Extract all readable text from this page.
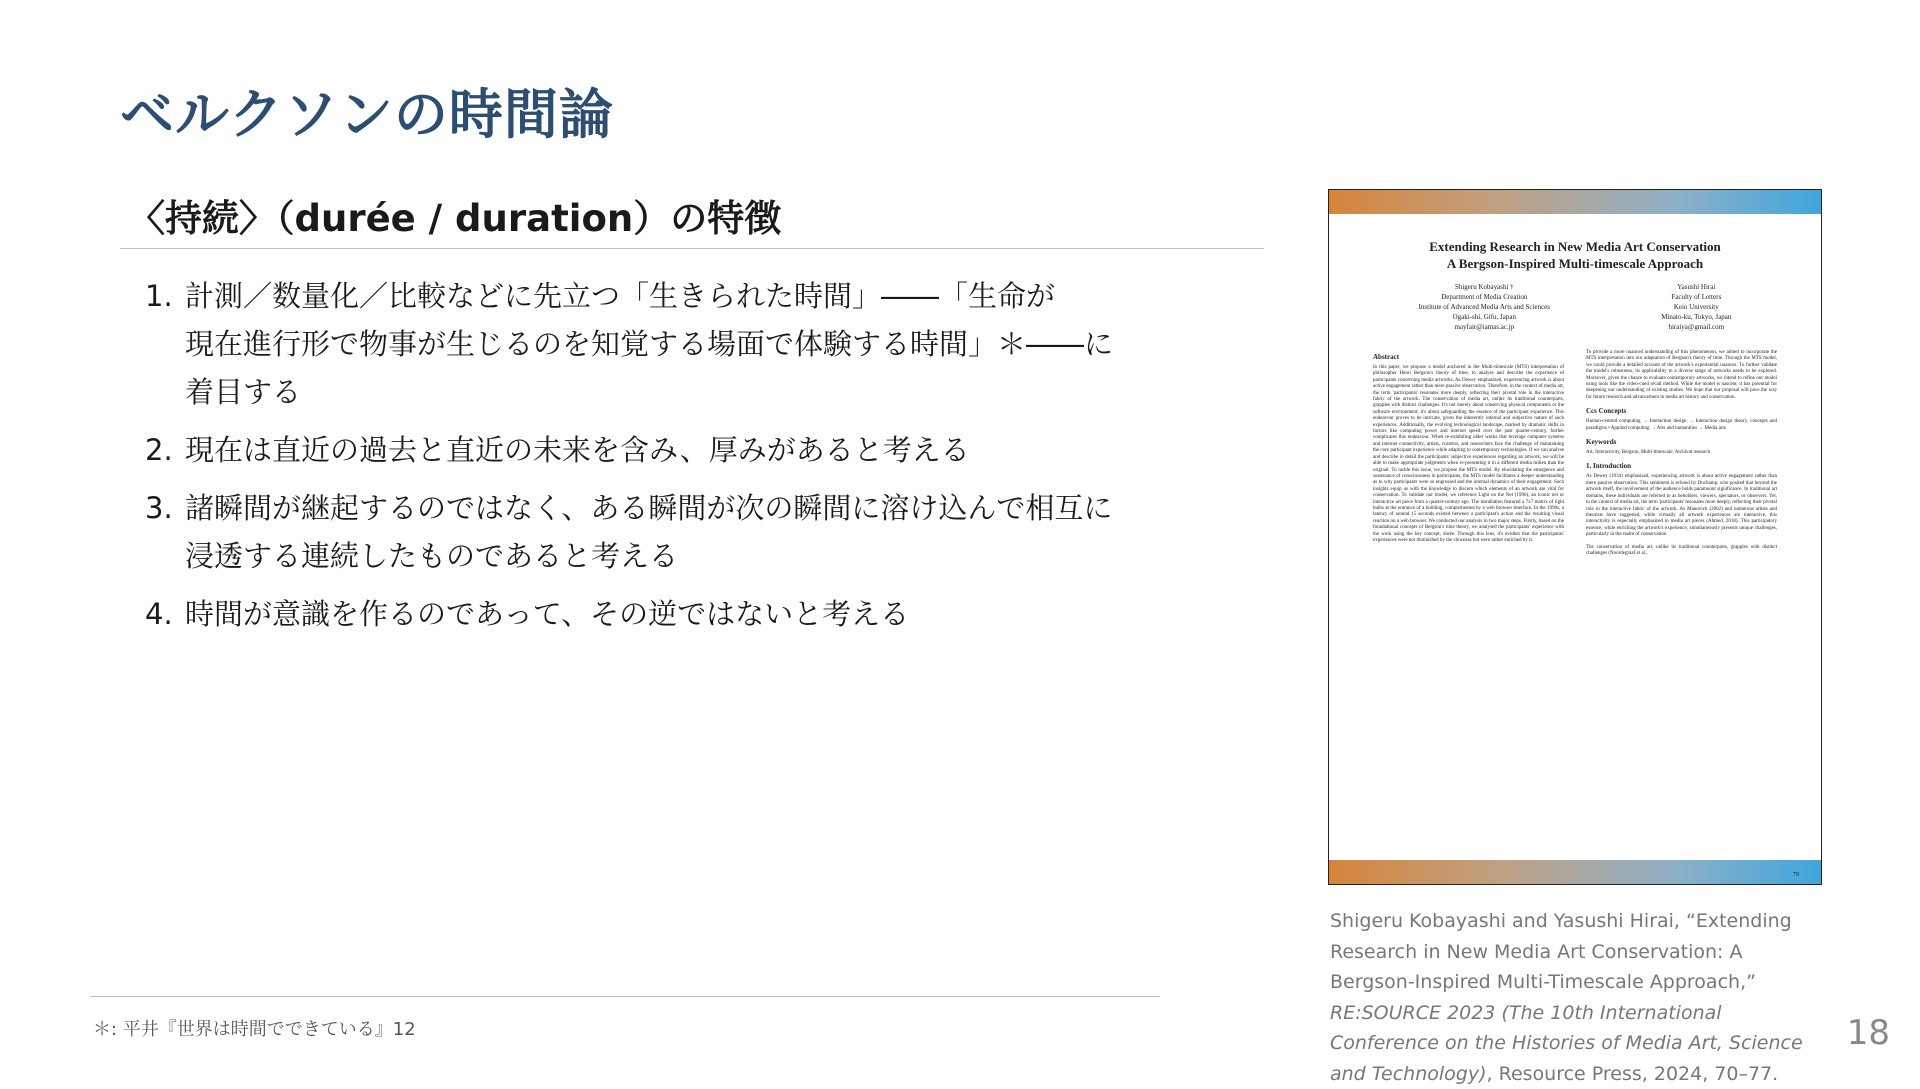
ベルクソンの時間論
〈持続〉（durée / duration）の特徴
1. 計測／数量化／比較などに先立つ「生きられた時間」――「生命が
現在進行形で物事が生じるのを知覚する場面で体験する時間」＊――に
着目する
2. 現在は直近の過去と直近の未来を含み、厚みがあると考える
3. 諸瞬間が継起するのではなく、ある瞬間が次の瞬間に溶け込んで相互に
浸透する連続したものであると考える
4. 時間が意識を作るのであって、その逆ではないと考える
＊: 平井『世界は時間でできている』12
Extending Research in New Media Art Conservation
A Bergson-Inspired Multi-timescale Approach
Shigeru Kobayashi †
Department of Media Creation
Institute of Advanced Media Arts and Sciences
Ogaki-shi, Gifu, Japan
mayfair@iamas.ac.jp
Yasushi Hirai
Faculty of Letters
Keio University
Minato-ku, Tokyo, Japan
hiraiya@gmail.com
Abstract

In this paper, we propose a model anchored in the Multi-timescale (MTS) interpretation of philosopher Henri Bergson's theory of time, to analyse and describe the experience of participants concerning media artworks. As Dewey emphasized, experiencing artwork is about active engagement rather than mere passive observation. Therefore, in the context of media art, the term 'participants' resonates more deeply, reflecting their pivotal role in the interactive fabric of the artwork. The conservation of media art, unlike its traditional counterparts, grapples with distinct challenges. It's not merely about conserving physical components or the software environment; it's about safeguarding the essence of the participant experience. This endeavour proves to be intricate, given the inherently internal and subjective nature of such experiences. Additionally, the evolving technological landscape, marked by dramatic shifts in factors like computing power and internet speed over the past quarter-century, further complicates this endeavour. When re-exhibiting older works that leverage computer systems and internet connectivity, artists, curators, and researchers face the challenge of maintaining the core participant experience while adapting to contemporary technologies. If we can analyse and describe in detail the participants' subjective experiences regarding an artwork, we will be able to make appropriate judgments when re-presenting it in a different media milieu than the original. To tackle this issue, we propose the MTS model. By elucidating the emergence and sustenance of consciousness in participants, the MTS model facilitates a deeper understanding as to why participants were so engrossed and the internal dynamics of their engagement. Such insights equip us with the knowledge to discern which elements of an artwork are vital for conservation. To validate our model, we reference Light on the Net (1996), an iconic net or interactive art piece from a quarter-century ago. The installation featured a 7x7 matrix of light bulbs at the entrance of a building, complemented by a web browser interface. In the 1990s, a latency of around 15 seconds existed between a participant's action and the resulting visual reaction on a web browser. We conducted our analysis in two major steps. Firstly, based on the foundational concepts of Bergson's time theory, we analysed the participants' experience with the work using the key concept, durée. Through this lens, it's evident that the participants' experiences were not diminished by the slowness but were rather enriched by it.

To provide a more nuanced understanding of this phenomenon, we aimed to incorporate the MTS interpretation into our adaptation of Bergson's theory of time. Through the MTS model, we could provide a detailed account of the artwork's experiential nuances. To further validate the model's robustness, its applicability to a diverse range of artworks needs to be explored. Moreover, given the chance to evaluate contemporary artworks, we intend to refine our model using tools like the video-cued recall method. While the model is nascent, it has potential for deepening our understanding of existing studies. We hope that our proposal will pave the way for future research and advancement in media art history and conservation.

Ccs Concepts

Human-centred computing → Interaction design → Interaction design theory, concepts and paradigms • Applied computing → Arts and humanities → Media arts

Keywords

Art, Interactivity, Bergson, Multi-timescale, Archival research

1. Introduction

As Dewey (1934) emphasized, experiencing artwork is about active engagement rather than mere passive observation. This sentiment is echoed by Duchamp, who posited that beyond the artwork itself, the involvement of the audience holds paramount significance. In traditional art domains, these individuals are referred to as beholders, viewers, spectators, or observers. Yet, in the context of media art, the term 'participants' resonates more deeply, reflecting their pivotal role in the interactive fabric of the artwork. As Manovich (2002) and numerous artists and theorists have suggested, while virtually all artwork experiences are interactive, this interactivity is especially emphasized in media art pieces (Ahmed, 2018). This participatory essence, while enriching the artwork's experience, simultaneously presents unique challenges, particularly in the realm of conservation.

The conservation of media art, unlike its traditional counterparts, grapples with distinct challenges (Noordegraaf et al.,

79
Shigeru Kobayashi and Yasushi Hirai, “Extending Research in New Media Art Conservation: A Bergson-Inspired Multi-Timescale Approach,” RE:SOURCE 2023 (The 10th International Conference on the Histories of Media Art, Science and Technology), Resource Press, 2024, 70–77.
18
